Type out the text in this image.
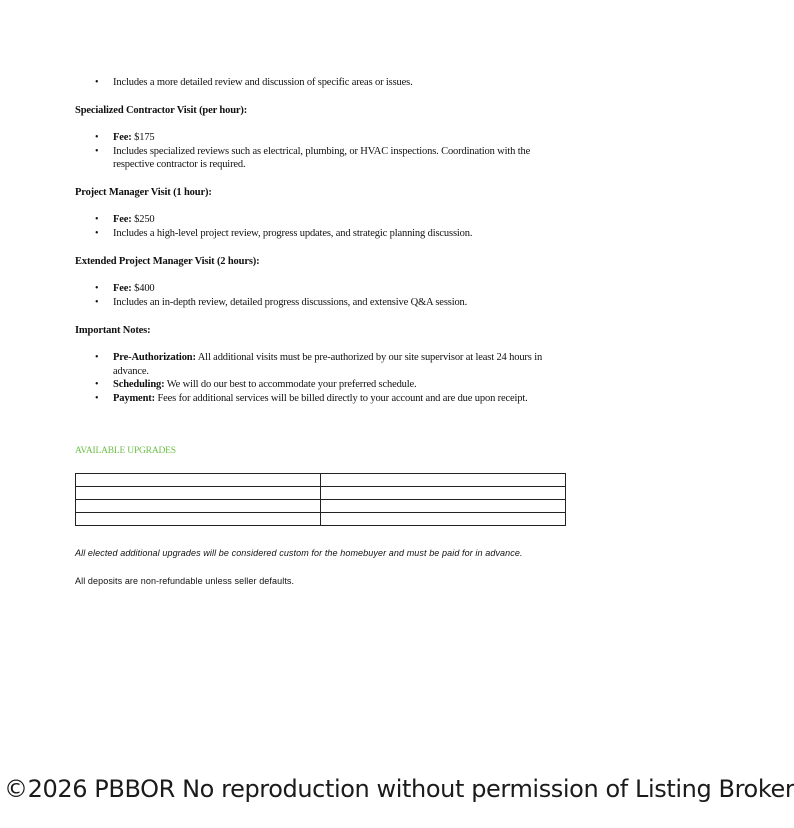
• Includes a more detailed review and discussion of specific areas or issues.
Specialized Contractor Visit (per hour):
• Fee: $175
• Includes specialized reviews such as electrical, plumbing, or HVAC inspections. Coordination with the respective contractor is required.
Project Manager Visit (1 hour):
• Fee: $250
• Includes a high-level project review, progress updates, and strategic planning discussion.
Extended Project Manager Visit (2 hours):
• Fee: $400
• Includes an in-depth review, detailed progress discussions, and extensive Q&A session.
Important Notes:
• Pre-Authorization: All additional visits must be pre-authorized by our site supervisor at least 24 hours in advance.
• Scheduling: We will do our best to accommodate your preferred schedule.
• Payment: Fees for additional services will be billed directly to your account and are due upon receipt.
AVAILABLE UPGRADES

All elected additional upgrades will be considered custom for the homebuyer and must be paid for in advance.
All deposits are non-refundable unless seller defaults.
©2026 PBBOR No reproduction without permission of Listing Broker
